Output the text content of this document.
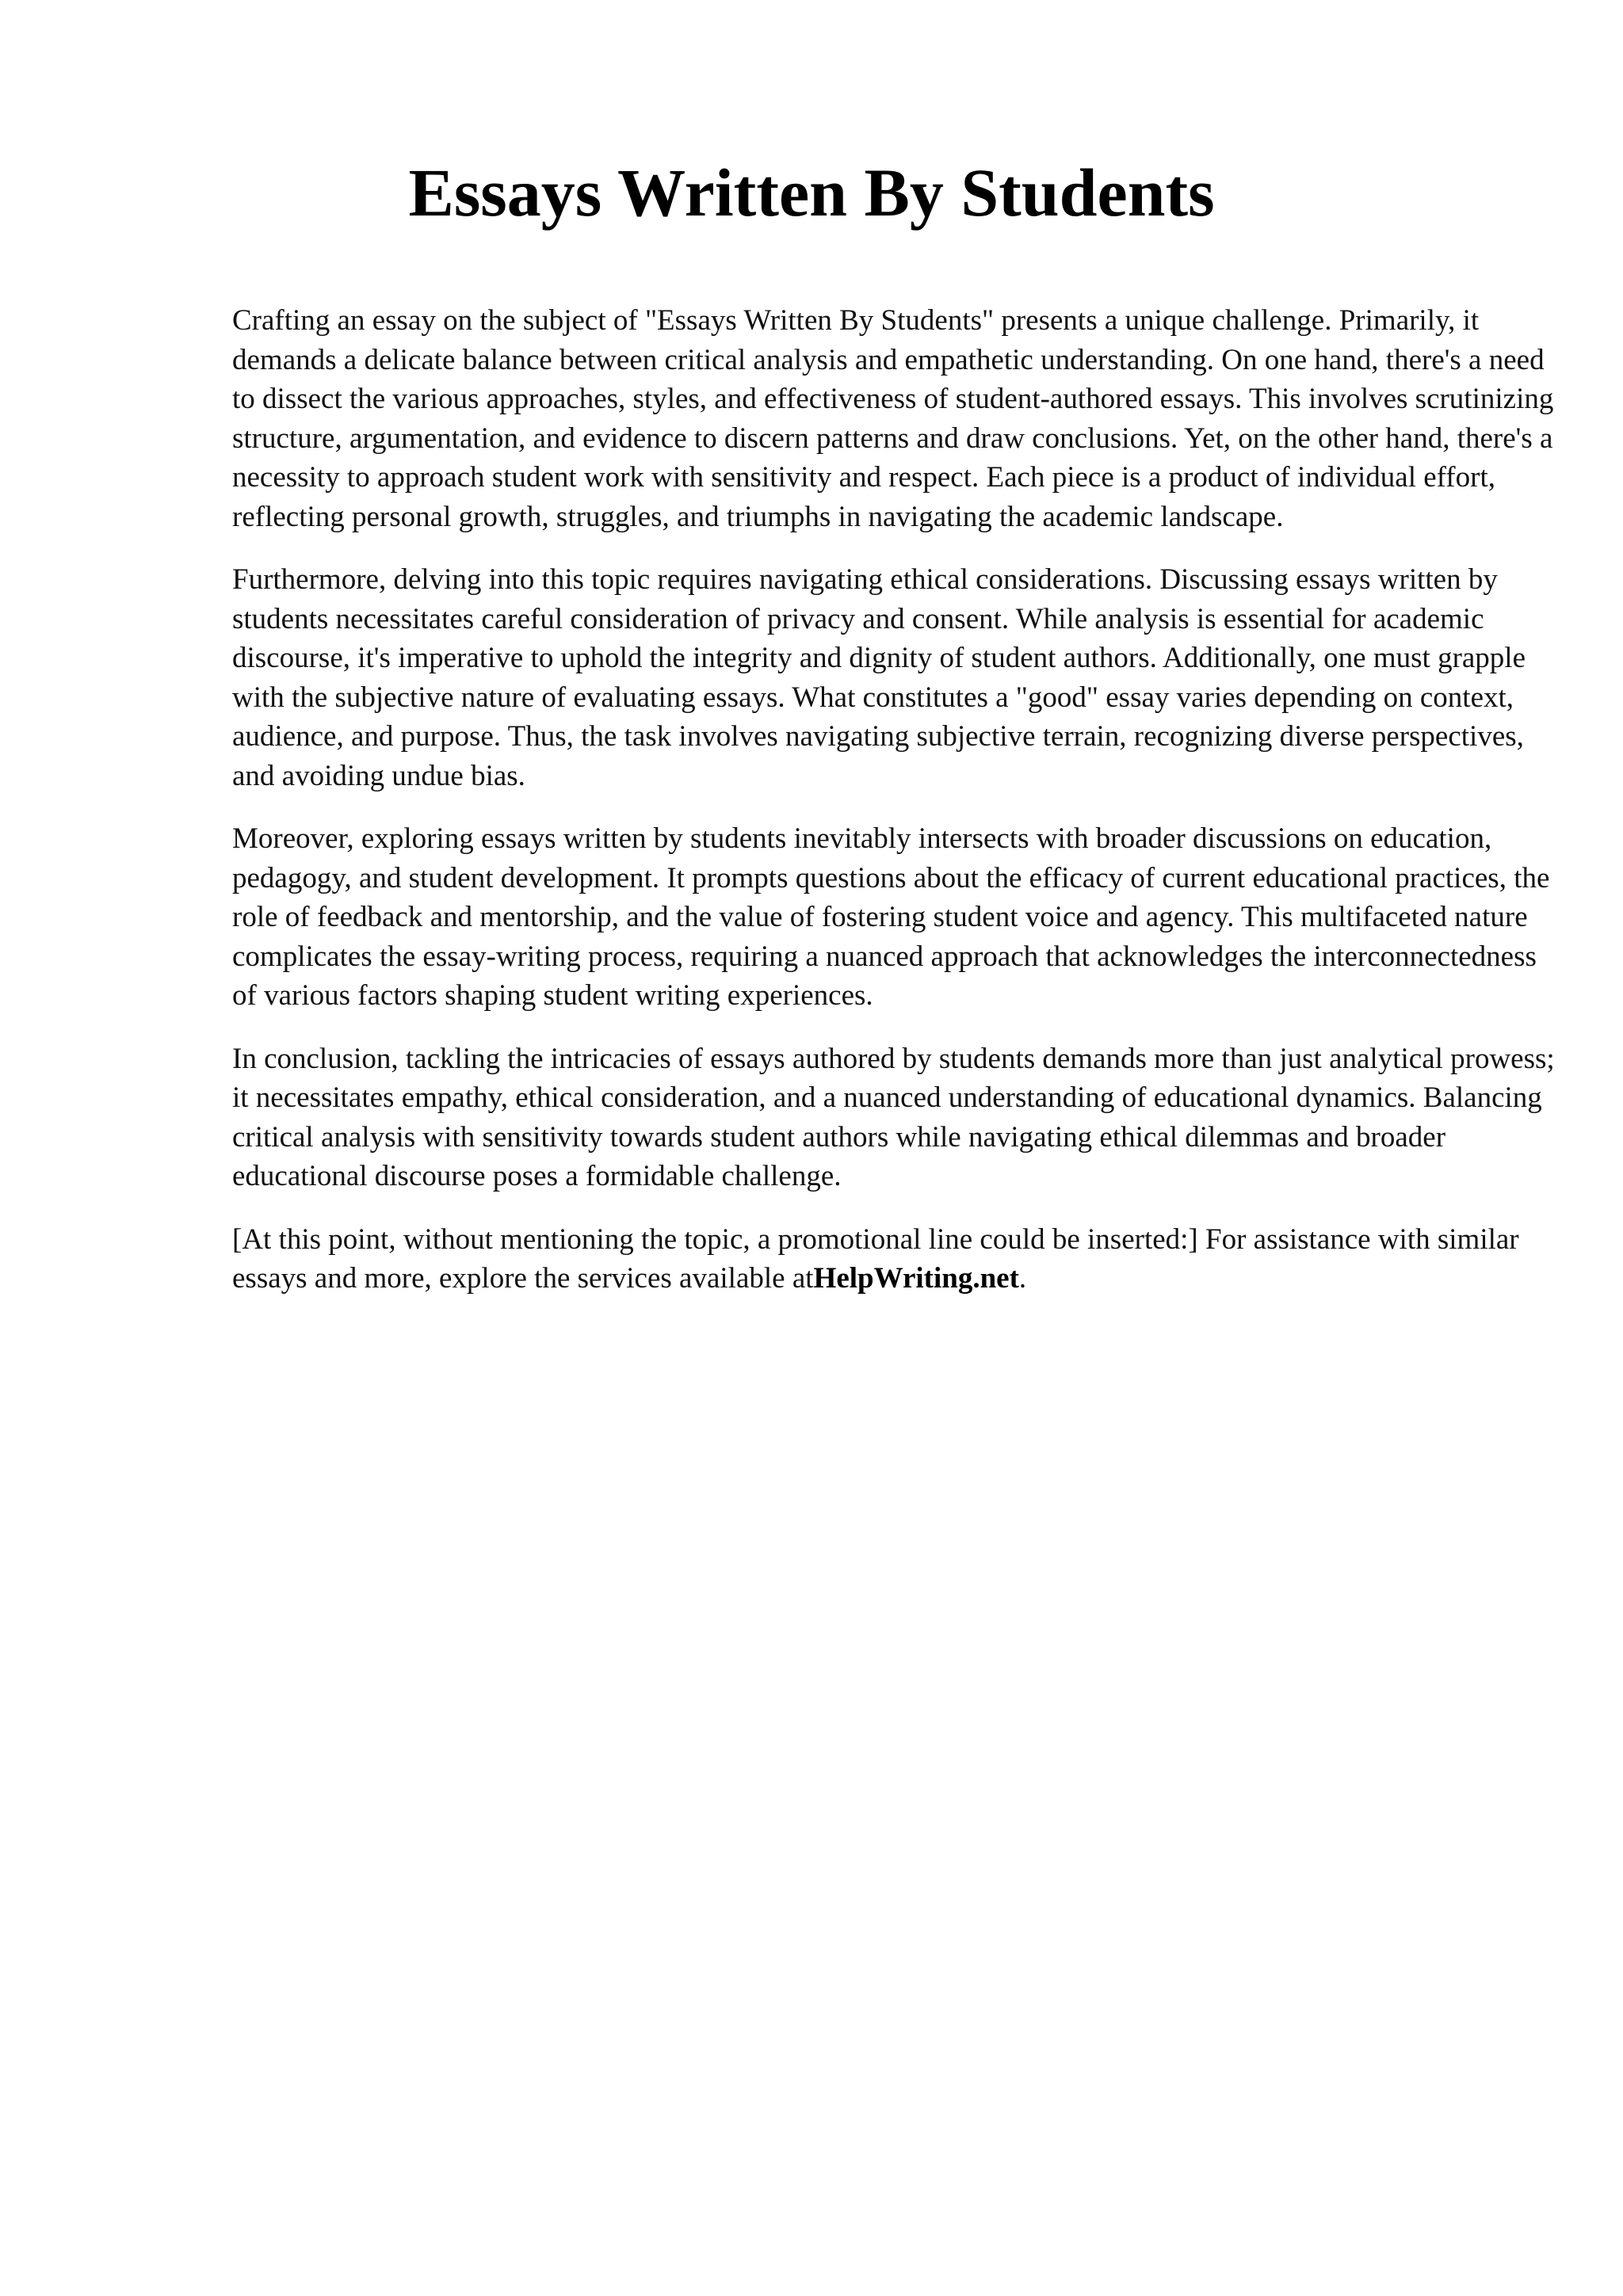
Essays Written By Students

Crafting an essay on the subject of "Essays Written By Students" presents a unique challenge. Primarily, it demands a delicate balance between critical analysis and empathetic understanding. On one hand, there's a need to dissect the various approaches, styles, and effectiveness of student-authored essays. This involves scrutinizing structure, argumentation, and evidence to discern patterns and draw conclusions. Yet, on the other hand, there's a necessity to approach student work with sensitivity and respect. Each piece is a product of individual effort, reflecting personal growth, struggles, and triumphs in navigating the academic landscape.

Furthermore, delving into this topic requires navigating ethical considerations. Discussing essays written by students necessitates careful consideration of privacy and consent. While analysis is essential for academic discourse, it's imperative to uphold the integrity and dignity of student authors. Additionally, one must grapple with the subjective nature of evaluating essays. What constitutes a "good" essay varies depending on context, audience, and purpose. Thus, the task involves navigating subjective terrain, recognizing diverse perspectives, and avoiding undue bias.

Moreover, exploring essays written by students inevitably intersects with broader discussions on education, pedagogy, and student development. It prompts questions about the efficacy of current educational practices, the role of feedback and mentorship, and the value of fostering student voice and agency. This multifaceted nature complicates the essay-writing process, requiring a nuanced approach that acknowledges the interconnectedness of various factors shaping student writing experiences.

In conclusion, tackling the intricacies of essays authored by students demands more than just analytical prowess; it necessitates empathy, ethical consideration, and a nuanced understanding of educational dynamics. Balancing critical analysis with sensitivity towards student authors while navigating ethical dilemmas and broader educational discourse poses a formidable challenge.

[At this point, without mentioning the topic, a promotional line could be inserted:] For assistance with similar essays and more, explore the services available atHelpWriting.net.
